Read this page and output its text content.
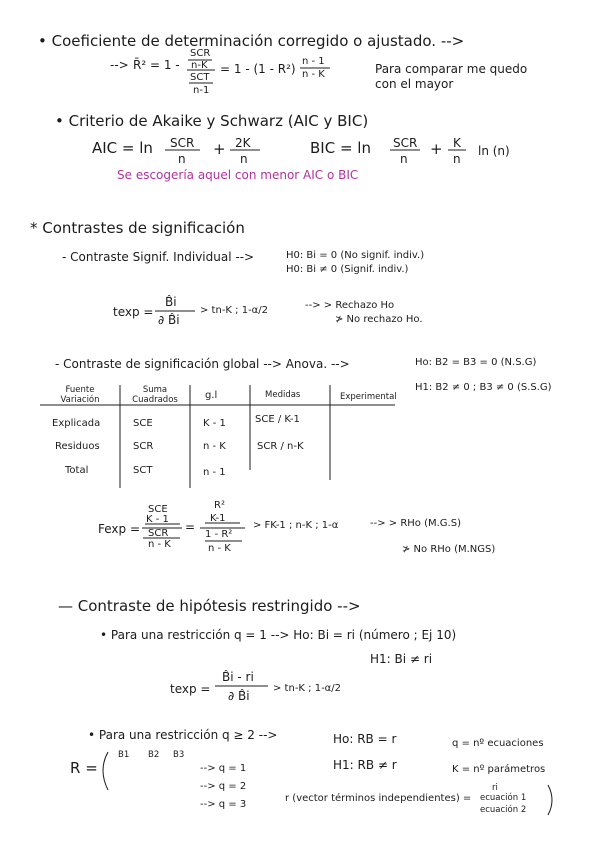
• Coeficiente de determinación corregido o ajustado. -->
--> R̄² = 1 -
SCR
n-K
SCT
n-1
= 1 - (1 - R²)
n - 1
n - K	Para comparar me quedo
con el mayor
• Criterio de Akaike y Schwarz (AIC y BIC)
AIC = ln SCR
n
+ 2K
n
BIC = ln SCR
n
+ K
n
ln (n)
Se escogería aquel con menor AIC o BIC
* Contrastes de significación
- Contraste Signif. Individual -->	H0: Bi = 0 (No signif. indiv.)
H0: Bi ≠ 0 (Signif. indiv.)
texp =
B̂i
∂ B̂i
> tn-K ; 1-α/2	--> > Rechazo Ho
≯ No rechazo Ho.
- Contraste de significación global --> Anova. -->	Ho: B2 = B3 = 0 (N.S.G)
H1: B2 ≠ 0 ; B3 ≠ 0 (S.S.G)
Fuente Variación
Suma Cuadrados	g.l	Medidas	Experimental
Explicada	SCE	K - 1	SCE / K-1
Residuos	SCR	n - K	SCR / n-K
Total	SCT	n - 1
Fexp =
SCE
K - 1
SCR
n - K
=
R²
K-1
1 - R²
n - K
> FK-1 ; n-K ; 1-α	--> > RHo (M.G.S)
≯ No RHo (M.NGS)
— Contraste de hipótesis restringido -->
• Para una restricción q = 1 --> Ho: Bi = ri (número ; Ej 10)
H1: Bi ≠ ri
texp =
B̂i - ri
∂ B̂i
> tn-K ; 1-α/2
• Para una restricción q ≥ 2 -->	Ho: RB = r
H1: RB ≠ r
q = nº ecuaciones
K = nº parámetros
R =
B1 B2 B3
--> q = 1
--> q = 2
--> q = 3
r (vector términos independientes) =
ri
ecuación 1
ecuación 2
